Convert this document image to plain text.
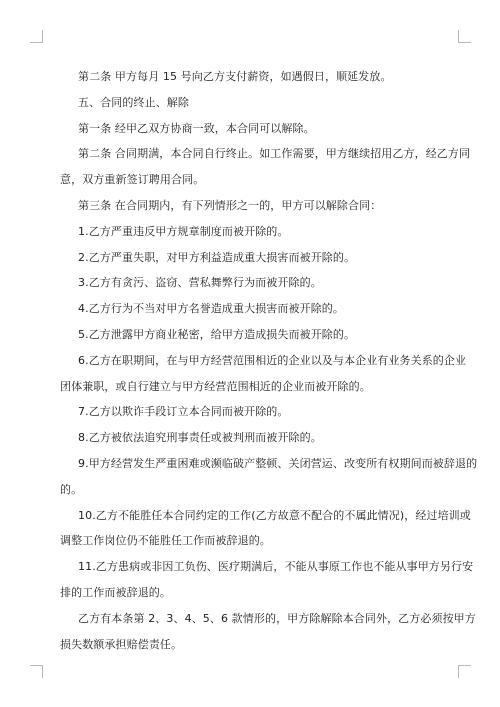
第二条 甲方每月 15 号向乙方支付薪资，如遇假日，顺延发放。
五、合同的终止、解除
第一条 经甲乙双方协商一致，本合同可以解除。
第二条 合同期满，本合同自行终止。如工作需要，甲方继续招用乙方，经乙方同
意，双方重新签订聘用合同。
第三条 在合同期内，有下列情形之一的，甲方可以解除合同：
1.乙方严重违反甲方规章制度而被开除的。
2.乙方严重失职，对甲方利益造成重大损害而被开除的。
3.乙方有贪污、盗窃、营私舞弊行为而被开除的。
4.乙方行为不当对甲方名誉造成重大损害而被开除的。
5.乙方泄露甲方商业秘密，给甲方造成损失而被开除的。
6.乙方在职期间，在与甲方经营范围相近的企业以及与本企业有业务关系的企业
团体兼职，或自行建立与甲方经营范围相近的企业而被开除的。
7.乙方以欺诈手段订立本合同而被开除的。
8.乙方被依法追究刑事责任或被判刑而被开除的。
9.甲方经营发生严重困难或濒临破产整顿、关闭营运、改变所有权期间而被辞退的
的。
10.乙方不能胜任本合同约定的工作(乙方故意不配合的不属此情况)，经过培训或
调整工作岗位仍不能胜任工作而被辞退的。
11.乙方患病或非因工负伤、医疗期满后，不能从事原工作也不能从事甲方另行安
排的工作而被辞退的。
乙方有本条第 2、3、4、5、6 款情形的，甲方除解除本合同外，乙方必须按甲方
损失数额承担赔偿责任。
